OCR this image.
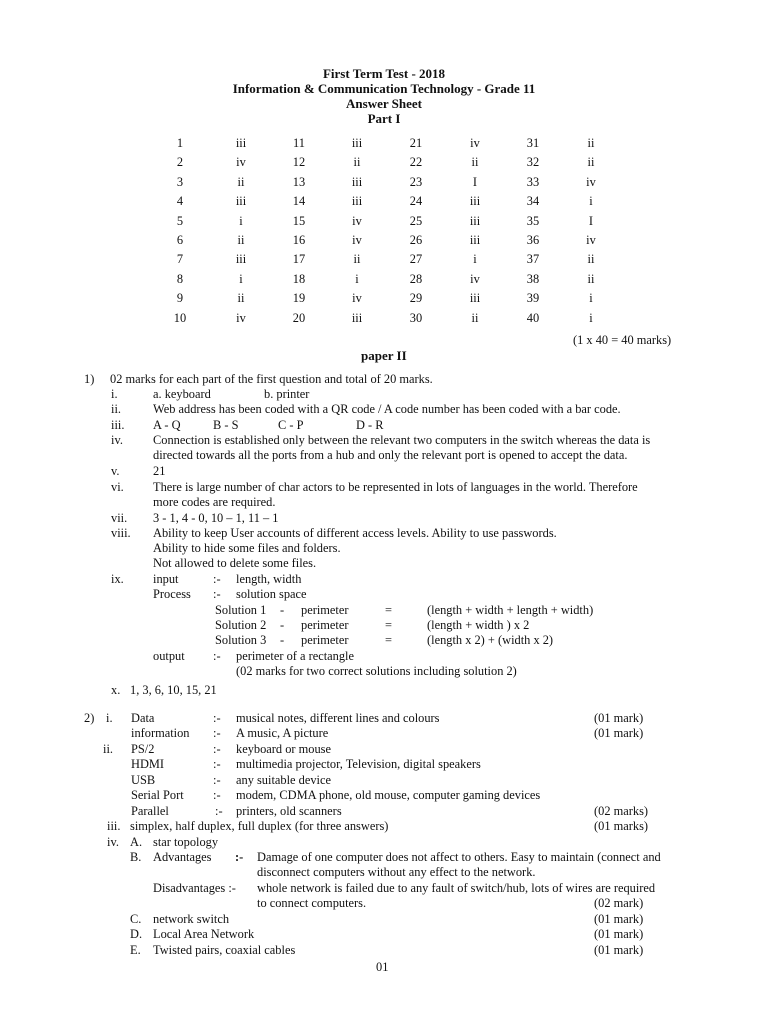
First Term Test - 2018
Information & Communication Technology - Grade 11
Answer Sheet
Part I
1	iii	11	iii	21	iv	31	ii
2	iv	12	ii	22	ii	32	ii
3	ii	13	iii	23	I	33	iv
4	iii	14	iii	24	iii	34	i
5	i	15	iv	25	iii	35	I
6	ii	16	iv	26	iii	36	iv
7	iii	17	ii	27	i	37	ii
8	i	18	i	28	iv	38	ii
9	ii	19	iv	29	iii	39	i
10	iv	20	iii	30	ii	40	i
(1 x 40 = 40 marks)
paper II
1) 02 marks for each part of the first question and total of 20 marks.
i.	a. keyboard	b. printer
ii.	Web address has been coded with a QR code / A code number has been coded with a bar code.
iii. A - Q	B - S	C - P	D - R
iv. Connection is established only between the relevant two computers in the switch whereas the data is
directed towards all the ports from a hub and only the relevant port is opened to accept the data.
v.	21
vi. There is large number of char actors to be represented in lots of languages in the world. Therefore
more codes are required.
vii. 3 - 1, 4 - 0, 10 – 1, 11 – 1
viii. Ability to keep User accounts of different access levels. Ability to use passwords.
Ability to hide some files and folders.
Not allowed to delete some files.
ix. input	:- length, width
Process :- solution space
Solution 1 - perimeter	=	(length + width + length + width)
Solution 2 - perimeter	=	(length + width ) x 2
Solution 3 - perimeter	=	(length x 2) + (width x 2)
output :- perimeter of a rectangle
(02 marks for two correct solutions including solution 2)
x. 1, 3, 6, 10, 15, 21
2) i. Data	:- musical notes, different lines and colours	(01 mark)
information :- A music, A picture	(01 mark)
ii. PS/2	:- keyboard or mouse
HDMI	:- multimedia projector, Television, digital speakers
USB	:- any suitable device
Serial Port :- modem, CDMA phone, old mouse, computer gaming devices
Parallel	:- printers, old scanners	(02 marks)
iii. simplex, half duplex, full duplex (for three answers)	(01 marks)
iv. A. star topology
B. Advantages :- Damage of one computer does not affect to others. Easy to maintain (connect and
disconnect computers without any effect to the network.
Disadvantages :- whole network is failed due to any fault of switch/hub, lots of wires are required
to connect computers.	(02 mark)
C. network switch	(01 mark)
D. Local Area Network	(01 mark)
E. Twisted pairs, coaxial cables	(01 mark)
01
